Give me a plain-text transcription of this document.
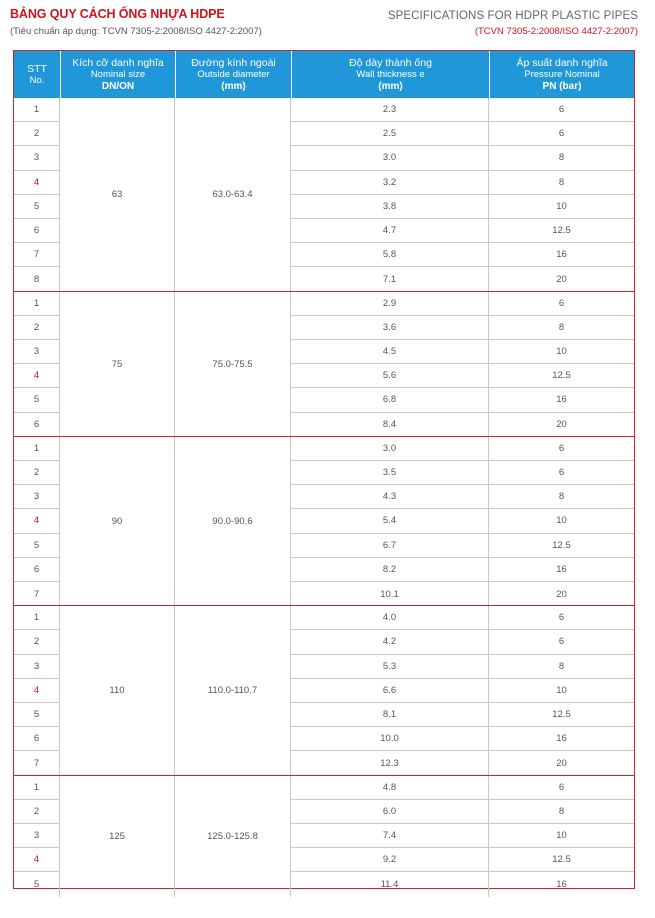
BẢNG QUY CÁCH ỐNG NHỰA HDPE
(Tiêu chuẩn áp dụng: TCVN 7305-2:2008/ISO 4427-2:2007)
SPECIFICATIONS FOR HDPR PLASTIC PIPES
(TCVN 7305-2:2008/ISO 4427-2:2007)
STT
No.
Kích cỡ danh nghĩa
Nominal size
DN/ON
Đường kính ngoài
Outside diameter
(mm)
Độ dày thành ống
Wall thickness e
(mm)
Áp suất danh nghĩa
Pressure Nominal
PN (bar)
63	63.0-63.4
1	2.3	6
2	2.5	6
3	3.0	8
4	3.2	8
5	3.8	10
6	4.7	12.5
7	5.8	16
8	7.1	20
75	75.0-75.5
1	2.9	6
2	3.6	8
3	4.5	10
4	5.6	12.5
5	6.8	16
6	8.4	20
90	90.0-90.6
1	3.0	6
2	3.5	6
3	4.3	8
4	5.4	10
5	6.7	12.5
6	8.2	16
7	10.1	20
110	110.0-110.7
1	4.0	6
2	4.2	6
3	5.3	8
4	6.6	10
5	8.1	12.5
6	10.0	16
7	12.3	20
125	125.0-125.8
1	4.8	6
2	6.0	8
3	7.4	10
4	9.2	12.5
5	11.4	16
